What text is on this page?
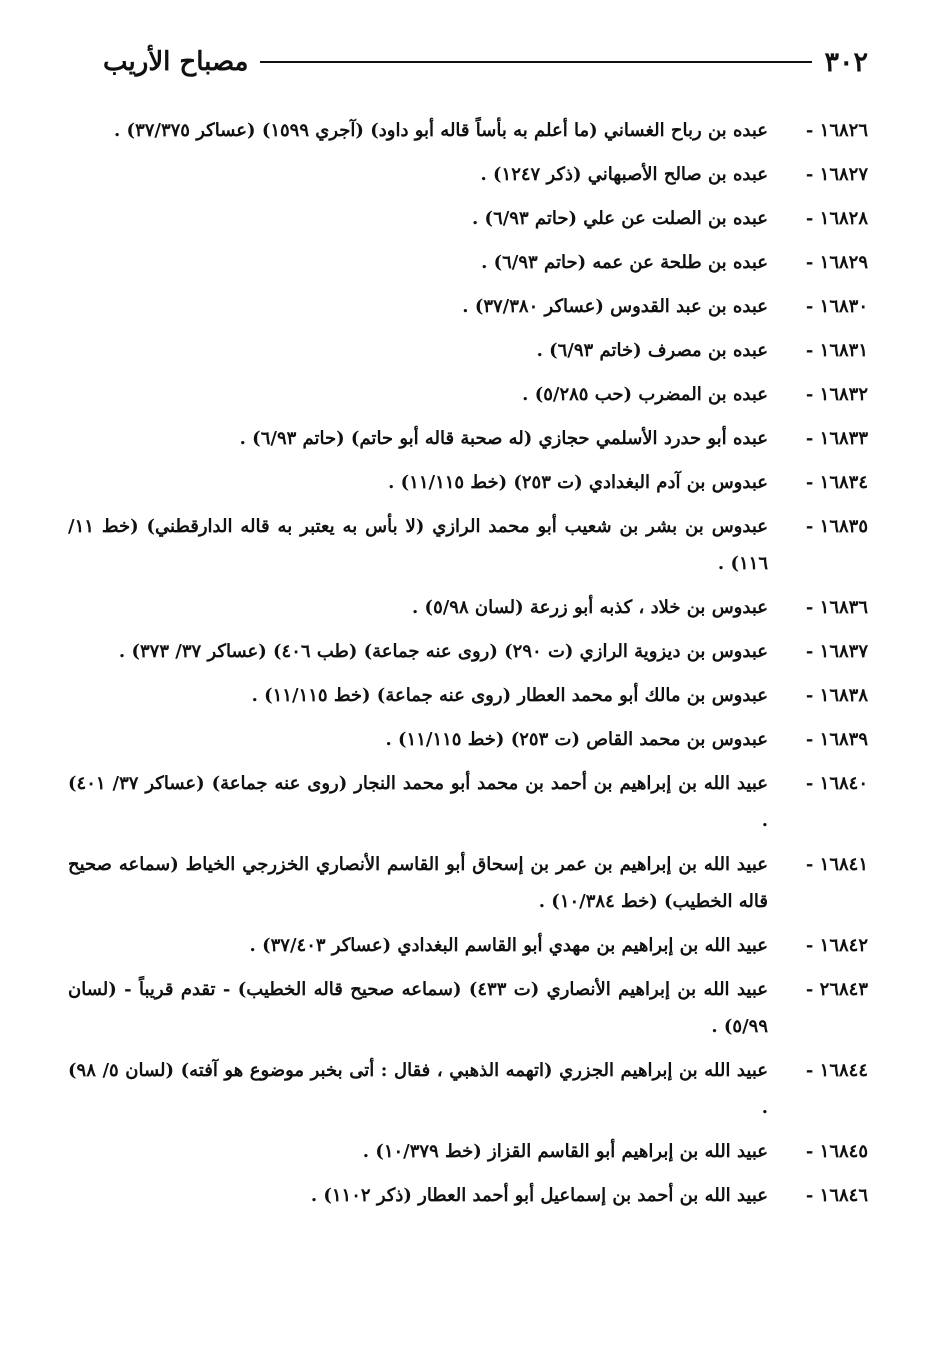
٣٠٢
مصباح الأريب
١٦٨٢٦ -
عبده بن رباح الغساني (ما أعلم به بأساً قاله أبو داود) (آجري ١٥٩٩) (عساكر ٣٧/٣٧٥) .
١٦٨٢٧ -
عبده بن صالح الأصبهاني (ذكر ١٢٤٧) .
١٦٨٢٨ -
عبده بن الصلت عن علي (حاتم ٦/٩٣) .
١٦٨٢٩ -
عبده بن طلحة عن عمه (حاتم ٦/٩٣) .
١٦٨٣٠ -
عبده بن عبد القدوس (عساكر ٣٧/٣٨٠) .
١٦٨٣١ -
عبده بن مصرف (خاتم ٦/٩٣) .
١٦٨٣٢ -
عبده بن المضرب (حب ٥/٢٨٥) .
١٦٨٣٣ -
عبده أبو حدرد الأسلمي حجازي (له صحبة قاله أبو حاتم) (حاتم ٦/٩٣) .
١٦٨٣٤ -
عبدوس بن آدم البغدادي (ت ٢٥٣) (خط ١١/١١٥) .
١٦٨٣٥ -
عبدوس بن بشر بن شعيب أبو محمد الرازي (لا بأس به يعتبر به قاله الدارقطني) (خط ١١/ ١١٦) .
١٦٨٣٦ -
عبدوس بن خلاد ، كذبه أبو زرعة (لسان ٥/٩٨) .
١٦٨٣٧ -
عبدوس بن ديزوية الرازي (ت ٢٩٠) (روى عنه جماعة) (طب ٤٠٦) (عساكر ٣٧/ ٣٧٣) .
١٦٨٣٨ -
عبدوس بن مالك أبو محمد العطار (روى عنه جماعة) (خط ١١/١١٥) .
١٦٨٣٩ -
عبدوس بن محمد القاص (ت ٢٥٣) (خط ١١/١١٥) .
١٦٨٤٠ -
عبيد الله بن إبراهيم بن أحمد بن محمد أبو محمد النجار (روى عنه جماعة) (عساكر ٣٧/ ٤٠١) .
١٦٨٤١ -
عبيد الله بن إبراهيم بن عمر بن إسحاق أبو القاسم الأنصاري الخزرجي الخياط (سماعه صحيح قاله الخطيب) (خط ١٠/٣٨٤) .
١٦٨٤٢ -
عبيد الله بن إبراهيم بن مهدي أبو القاسم البغدادي (عساكر ٣٧/٤٠٣) .
٢٦٨٤٣ -
عبيد الله بن إبراهيم الأنصاري (ت ٤٣٣) (سماعه صحيح قاله الخطيب) - تقدم قريباً - (لسان ٥/٩٩) .
١٦٨٤٤ -
عبيد الله بن إبراهيم الجزري (اتهمه الذهبي ، فقال : أتى بخبر موضوع هو آفته) (لسان ٥/ ٩٨) .
١٦٨٤٥ -
عبيد الله بن إبراهيم أبو القاسم القزاز (خط ١٠/٣٧٩) .
١٦٨٤٦ -
عبيد الله بن أحمد بن إسماعيل أبو أحمد العطار (ذكر ١١٠٢) .
